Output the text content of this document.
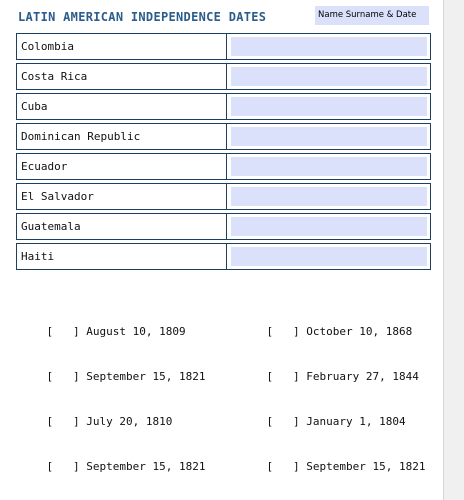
LATIN AMERICAN INDEPENDENCE DATES	Name Surname & Date
Colombia
Costa Rica
Cuba
Dominican Republic
Ecuador
El Salvador
Guatemala
Haiti

[ ] August 10, 1809
	[ ] October 10, 1868

[ ] September 15, 1821
	[ ] February 27, 1844

[ ] July 20, 1810
	[ ] January 1, 1804

[ ] September 15, 1821
	[ ] September 15, 1821
